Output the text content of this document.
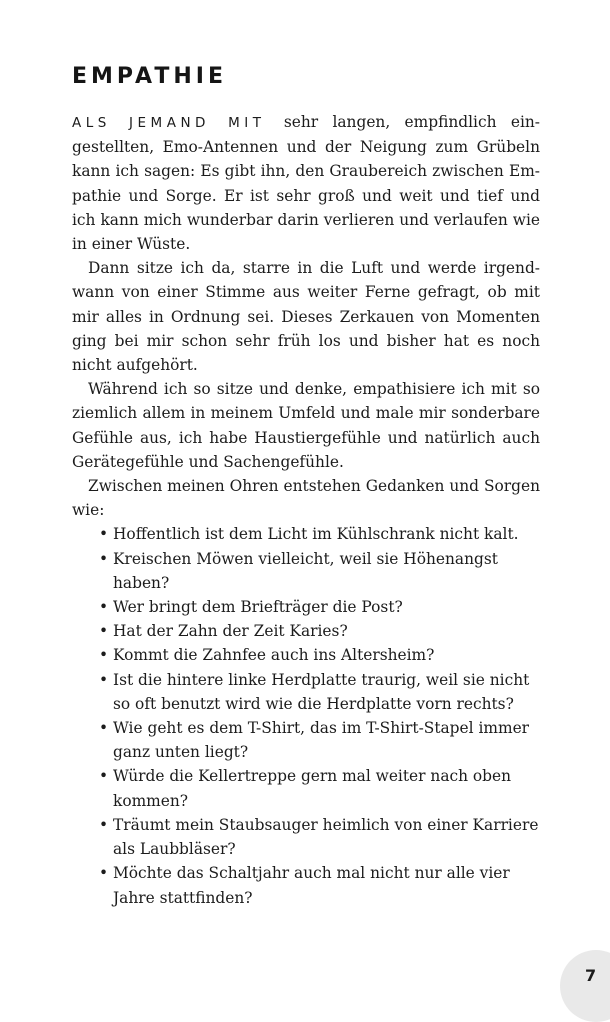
EMPATHIE

ALS JEMAND MIT sehr langen, empfindlich eingestellten, Emo-Antennen und der Neigung zum Grübeln kann ich sagen: Es gibt ihn, den Graubereich zwischen Empathie und Sorge. Er ist sehr groß und weit und tief und ich kann mich wunderbar darin verlieren und verlaufen wie in einer Wüste.

Dann sitze ich da, starre in die Luft und werde irgendwann von einer Stimme aus weiter Ferne gefragt, ob mit mir alles in Ordnung sei. Dieses Zerkauen von Momenten ging bei mir schon sehr früh los und bisher hat es noch nicht aufgehört.

Während ich so sitze und denke, empathisiere ich mit so ziemlich allem in meinem Umfeld und male mir sonderbare Gefühle aus, ich habe Haustiergefühle und natürlich auch Gerätegefühle und Sachengefühle.

Zwischen meinen Ohren entstehen Gedanken und Sorgen wie:

• Hoffentlich ist dem Licht im Kühlschrank nicht kalt.
• Kreischen Möwen vielleicht, weil sie Höhenangst haben?
• Wer bringt dem Briefträger die Post?
• Hat der Zahn der Zeit Karies?
• Kommt die Zahnfee auch ins Altersheim?
• Ist die hintere linke Herdplatte traurig, weil sie nicht so oft benutzt wird wie die Herdplatte vorn rechts?
• Wie geht es dem T-Shirt, das im T-Shirt-Stapel immer ganz unten liegt?
• Würde die Kellertreppe gern mal weiter nach oben kommen?
• Träumt mein Staubsauger heimlich von einer Karriere als Laubbläser?
• Möchte das Schaltjahr auch mal nicht nur alle vier Jahre stattfinden?
7
